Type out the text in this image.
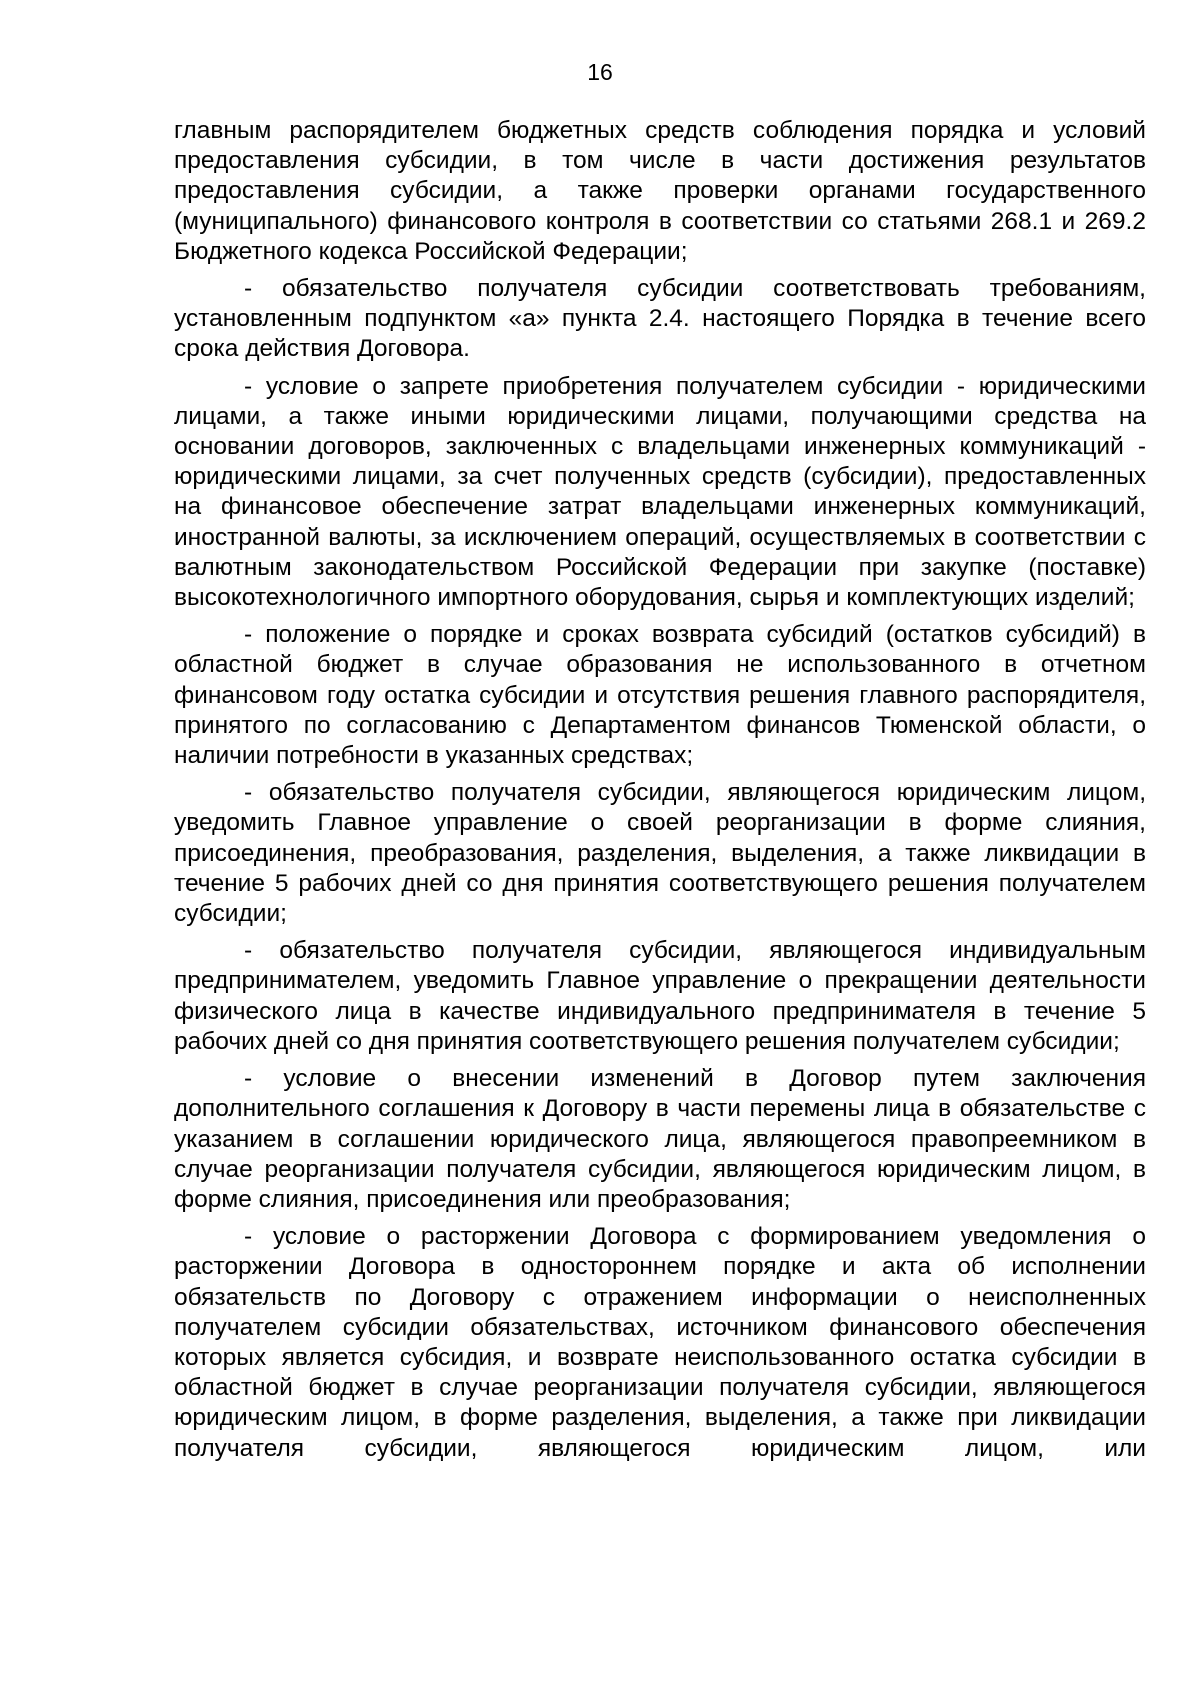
16

главным распорядителем бюджетных средств соблюдения порядка и условий предоставления субсидии, в том числе в части достижения результатов предоставления субсидии, а также проверки органами государственного (муниципального) финансового контроля в соответствии со статьями 268.1 и 269.2 Бюджетного кодекса Российской Федерации;

- обязательство получателя субсидии соответствовать требованиям, установленным подпунктом «а» пункта 2.4. настоящего Порядка в течение всего срока действия Договора.

- условие о запрете приобретения получателем субсидии - юридическими лицами, а также иными юридическими лицами, получающими средства на основании договоров, заключенных с владельцами инженерных коммуникаций - юридическими лицами, за счет полученных средств (субсидии), предоставленных на финансовое обеспечение затрат владельцами инженерных коммуникаций, иностранной валюты, за исключением операций, осуществляемых в соответствии с валютным законодательством Российской Федерации при закупке (поставке) высокотехнологичного импортного оборудования, сырья и комплектующих изделий;

- положение о порядке и сроках возврата субсидий (остатков субсидий) в областной бюджет в случае образования не использованного в отчетном финансовом году остатка субсидии и отсутствия решения главного распорядителя, принятого по согласованию с Департаментом финансов Тюменской области, о наличии потребности в указанных средствах;

- обязательство получателя субсидии, являющегося юридическим лицом, уведомить Главное управление о своей реорганизации в форме слияния, присоединения, преобразования, разделения, выделения, а также ликвидации в течение 5 рабочих дней со дня принятия соответствующего решения получателем субсидии;

- обязательство получателя субсидии, являющегося индивидуальным предпринимателем, уведомить Главное управление о прекращении деятельности физического лица в качестве индивидуального предпринимателя в течение 5 рабочих дней со дня принятия соответствующего решения получателем субсидии;

- условие о внесении изменений в Договор путем заключения дополнительного соглашения к Договору в части перемены лица в обязательстве с указанием в соглашении юридического лица, являющегося правопреемником в случае реорганизации получателя субсидии, являющегося юридическим лицом, в форме слияния, присоединения или преобразования;

- условие о расторжении Договора с формированием уведомления о расторжении Договора в одностороннем порядке и акта об исполнении обязательств по Договору с отражением информации о неисполненных получателем субсидии обязательствах, источником финансового обеспечения которых является субсидия, и возврате неиспользованного остатка субсидии в областной бюджет в случае реорганизации получателя субсидии, являющегося юридическим лицом, в форме разделения, выделения, а также при ликвидации получателя субсидии, являющегося юридическим лицом, или
